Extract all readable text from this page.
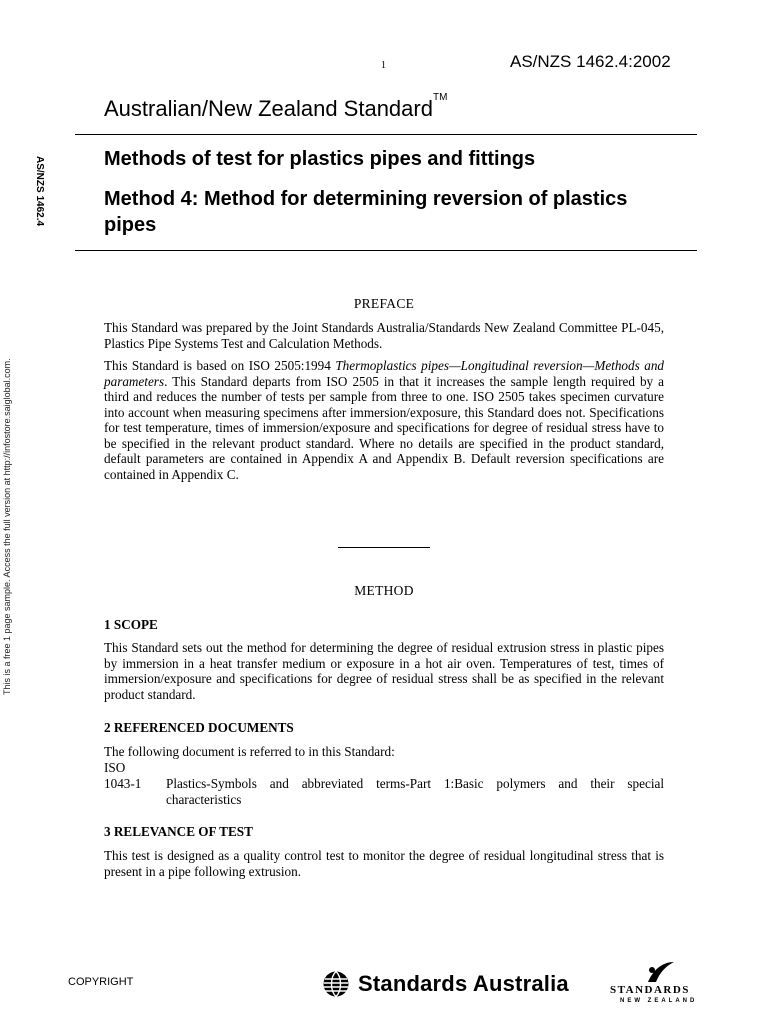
1	AS/NZS 1462.4:2002
Australian/New Zealand Standard™
Methods of test for plastics pipes and fittings
Method 4: Method for determining reversion of plastics pipes
AS/NZS 1462.4
This is a free 1 page sample. Access the full version at http://infostore.saiglobal.com.
PREFACE
This Standard was prepared by the Joint Standards Australia/Standards New Zealand Committee PL-045, Plastics Pipe Systems Test and Calculation Methods.
This Standard is based on ISO 2505:1994 Thermoplastics pipes—Longitudinal reversion—Methods and parameters. This Standard departs from ISO 2505 in that it increases the sample length required by a third and reduces the number of tests per sample from three to one. ISO 2505 takes specimen curvature into account when measuring specimens after immersion/exposure, this Standard does not. Specifications for test temperature, times of immersion/exposure and specifications for degree of residual stress have to be specified in the relevant product standard. Where no details are specified in the product standard, default parameters are contained in Appendix A and Appendix B. Default reversion specifications are contained in Appendix C.
METHOD
1 SCOPE
This Standard sets out the method for determining the degree of residual extrusion stress in plastic pipes by immersion in a heat transfer medium or exposure in a hot air oven. Temperatures of test, times of immersion/exposure and specifications for degree of residual stress shall be as specified in the relevant product standard.
2 REFERENCED DOCUMENTS
The following document is referred to in this Standard:
ISO
1043-1 Plastics-Symbols and abbreviated terms-Part 1:Basic polymers and their special characteristics
3 RELEVANCE OF TEST
This test is designed as a quality control test to monitor the degree of residual longitudinal stress that is present in a pipe following extrusion.
COPYRIGHT	Standards Australia	STANDARDS
NEW ZEALAND
